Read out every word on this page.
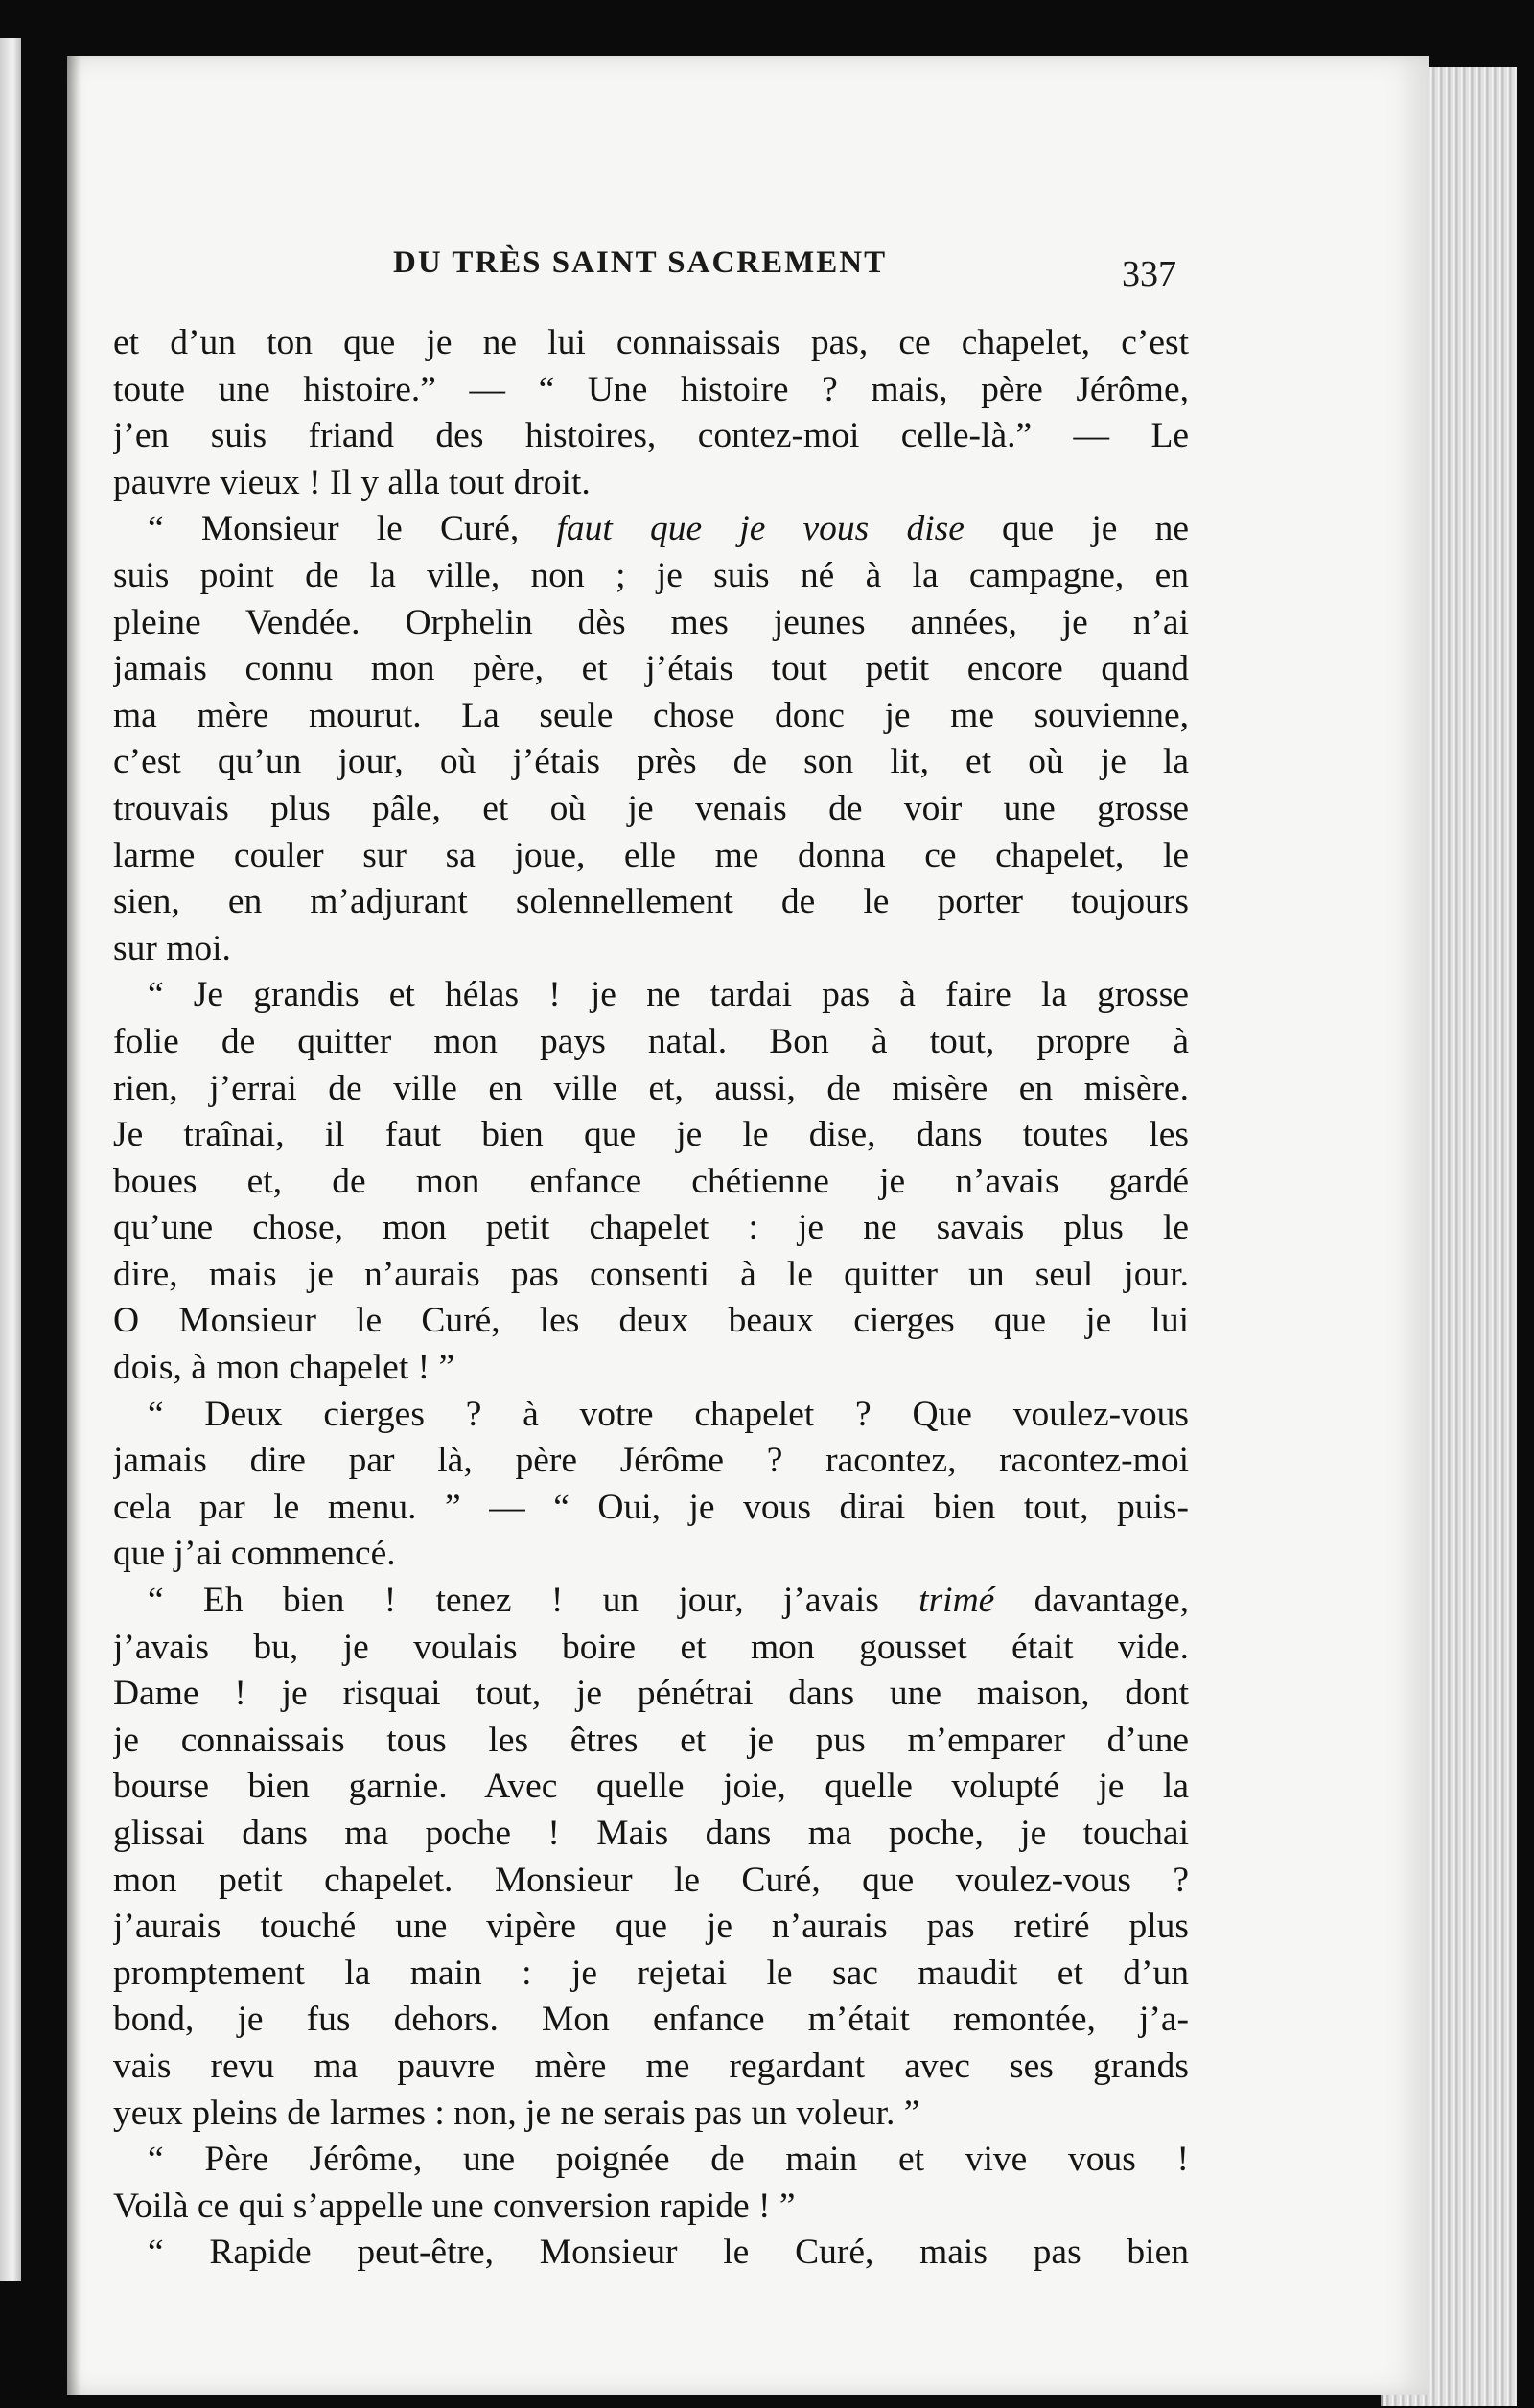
DU TRÈS SAINT SACREMENT	337
et d’un ton que je ne lui connaissais pas, ce chapelet, c’est
toute une histoire.” — “ Une histoire ? mais, père Jérôme,
j’en suis friand des histoires, contez-moi celle-là.” — Le
pauvre vieux ! Il y alla tout droit.
“ Monsieur le Curé, faut que je vous dise que je ne
suis point de la ville, non ; je suis né à la campagne, en
pleine Vendée. Orphelin dès mes jeunes années, je n’ai
jamais connu mon père, et j’étais tout petit encore quand
ma mère mourut. La seule chose donc je me souvienne,
c’est qu’un jour, où j’étais près de son lit, et où je la
trouvais plus pâle, et où je venais de voir une grosse
larme couler sur sa joue, elle me donna ce chapelet, le
sien, en m’adjurant solennellement de le porter toujours
sur moi.
“ Je grandis et hélas ! je ne tardai pas à faire la grosse
folie de quitter mon pays natal. Bon à tout, propre à
rien, j’errai de ville en ville et, aussi, de misère en misère.
Je traînai, il faut bien que je le dise, dans toutes les
boues et, de mon enfance chétienne je n’avais gardé
qu’une chose, mon petit chapelet : je ne savais plus le
dire, mais je n’aurais pas consenti à le quitter un seul jour.
O Monsieur le Curé, les deux beaux cierges que je lui
dois, à mon chapelet ! ”
“ Deux cierges ? à votre chapelet ? Que voulez-vous
jamais dire par là, père Jérôme ? racontez, racontez-moi
cela par le menu. ” — “ Oui, je vous dirai bien tout, puis-
que j’ai commencé.
“ Eh bien ! tenez ! un jour, j’avais trimé davantage,
j’avais bu, je voulais boire et mon gousset était vide.
Dame ! je risquai tout, je pénétrai dans une maison, dont
je connaissais tous les êtres et je pus m’emparer d’une
bourse bien garnie. Avec quelle joie, quelle volupté je la
glissai dans ma poche ! Mais dans ma poche, je touchai
mon petit chapelet. Monsieur le Curé, que voulez-vous ?
j’aurais touché une vipère que je n’aurais pas retiré plus
promptement la main : je rejetai le sac maudit et d’un
bond, je fus dehors. Mon enfance m’était remontée, j’a-
vais revu ma pauvre mère me regardant avec ses grands
yeux pleins de larmes : non, je ne serais pas un voleur. ”
“ Père Jérôme, une poignée de main et vive vous !
Voilà ce qui s’appelle une conversion rapide ! ”
“ Rapide peut-être, Monsieur le Curé, mais pas bien
